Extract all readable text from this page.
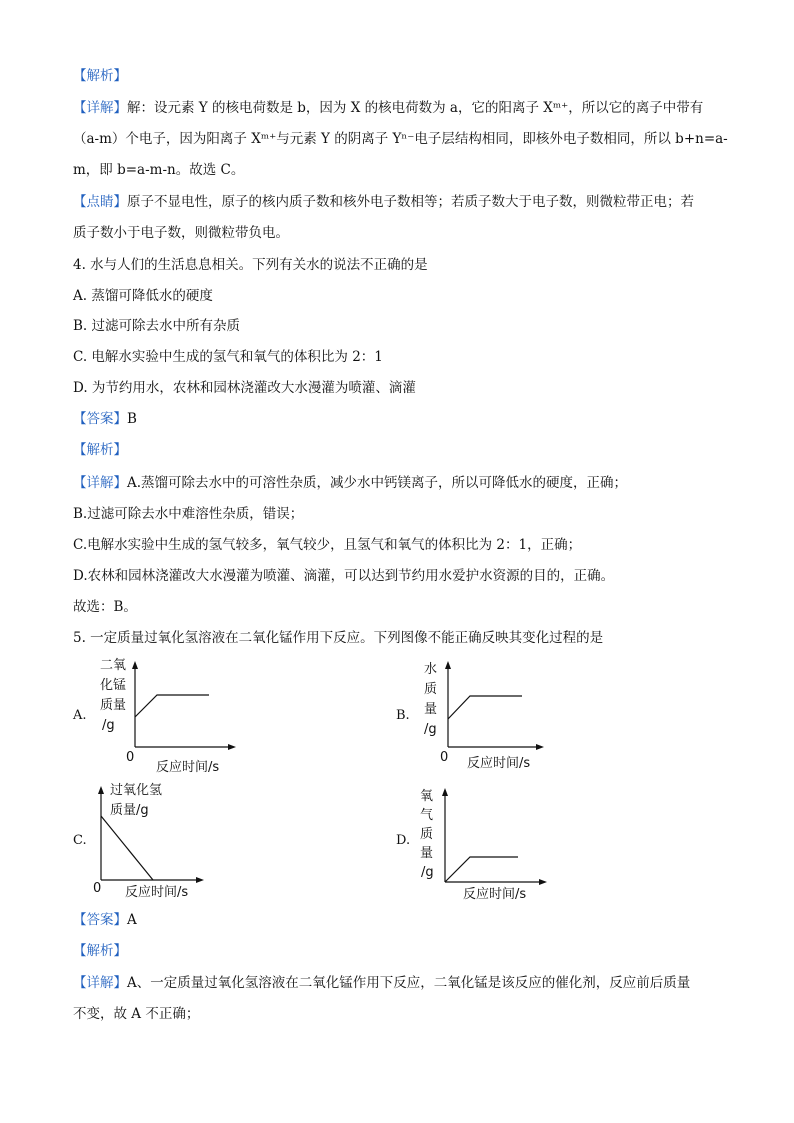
【解析】
【详解】解：设元素 Y 的核电荷数是 b，因为 X 的核电荷数为 a，它的阳离子 Xᵐ⁺，所以它的离子中带有
（a-m）个电子，因为阳离子 Xᵐ⁺与元素 Y 的阴离子 Yⁿ⁻电子层结构相同，即核外电子数相同，所以 b+n=a-
m，即 b=a-m-n。故选 C。
【点睛】原子不显电性，原子的核内质子数和核外电子数相等；若质子数大于电子数，则微粒带正电；若
质子数小于电子数，则微粒带负电。
4. 水与人们的生活息息相关。下列有关水的说法不正确的是
A. 蒸馏可降低水的硬度
B. 过滤可除去水中所有杂质
C. 电解水实验中生成的氢气和氧气的体积比为 2：1
D. 为节约用水，农林和园林浇灌改大水漫灌为喷灌、滴灌
【答案】B
【解析】
【详解】A.蒸馏可除去水中的可溶性杂质，减少水中钙镁离子，所以可降低水的硬度，正确；
B.过滤可除去水中难溶性杂质，错误；
C.电解水实验中生成的氢气较多，氧气较少，且氢气和氧气的体积比为 2：1，正确；
D.农林和园林浇灌改大水漫灌为喷灌、滴灌，可以达到节约用水爱护水资源的目的，正确。
故选：B。
5. 一定质量过氧化氢溶液在二氧化锰作用下反应。下列图像不能正确反映其变化过程的是
A.
二氧
化锰
质量
/g
0
反应时间/s
B.
水
质
量
/g
0 反应时间/s
C.
过氧化氢
质量/g
0 反应时间/s
D.
氧
气
质
量
/g
反应时间/s
【答案】A
【解析】
【详解】A、一定质量过氧化氢溶液在二氧化锰作用下反应，二氧化锰是该反应的催化剂，反应前后质量
不变，故 A 不正确；
